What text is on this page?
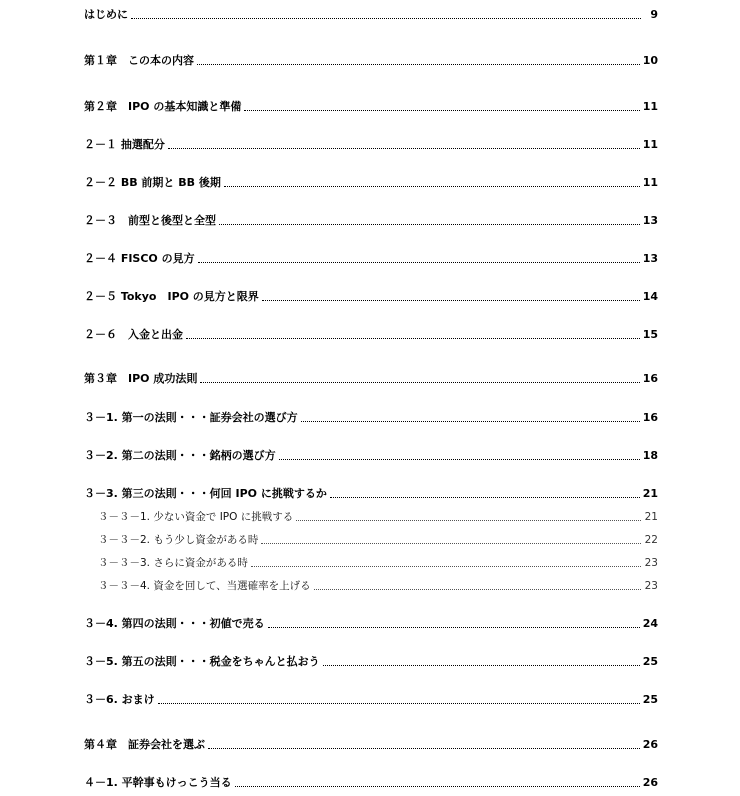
はじめに	9
第１章　この本の内容	10
第２章　IPO の基本知識と準備	11
２－１ 抽選配分	11
２－２ BB 前期と BB 後期	11
２－３　前型と後型と全型	13
２－４ FISCO の見方	13
２－５ Tokyo　IPO の見方と限界	14
２－６　入金と出金	15
第３章　IPO 成功法則	16
３－1. 第一の法則・・・証券会社の選び方	16
３－2. 第二の法則・・・銘柄の選び方	18
３－3. 第三の法則・・・何回 IPO に挑戦するか	21
３－３－1. 少ない資金で IPO に挑戦する	21
３－３－2. もう少し資金がある時	22
３－３－3. さらに資金がある時	23
３－３－4. 資金を回して、当選確率を上げる	23
３－4. 第四の法則・・・初値で売る	24
３－5. 第五の法則・・・税金をちゃんと払おう	25
３－6. おまけ	25
第４章　証券会社を選ぶ	26
４－1. 平幹事もけっこう当る	26
